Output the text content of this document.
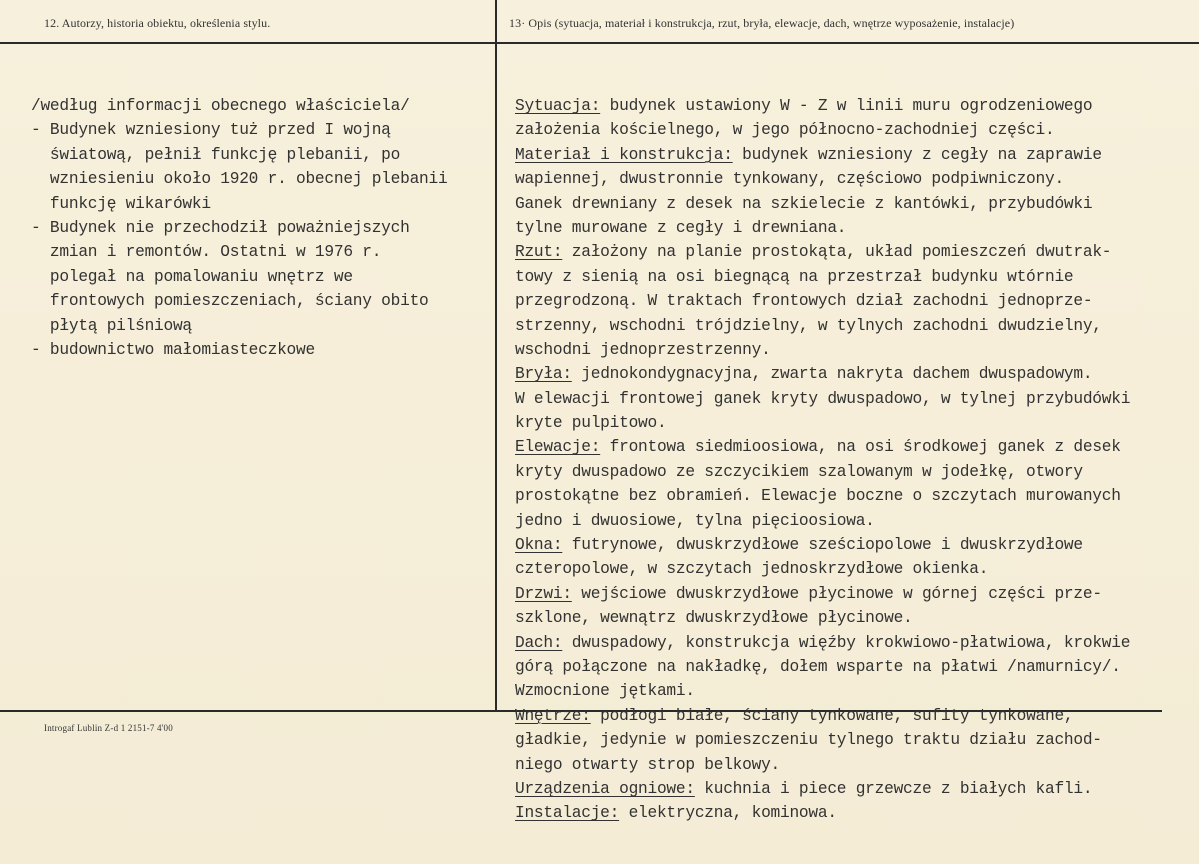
12. Autorzy, historia obiektu, określenia stylu.	13· Opis (sytuacja, materiał i konstrukcja, rzut, bryła, elewacje, dach, wnętrze wyposażenie, instalacje)
Introgaf Lublin Z-d 1 2151-7 4'00
/według informacji obecnego właściciela/
- Budynek wzniesiony tuż przed I wojną
światową, pełnił funkcję plebanii, po
wzniesieniu około 1920 r. obecnej plebanii
funkcję wikarówki
- Budynek nie przechodził poważniejszych
zmian i remontów. Ostatni w 1976 r.
polegał na pomalowaniu wnętrz we
frontowych pomieszczeniach, ściany obito
płytą pilśniową
- budownictwo małomiasteczkowe
Sytuacja: budynek ustawiony W - Z w linii muru ogrodzeniowego
założenia kościelnego, w jego północno-zachodniej części.
Materiał i konstrukcja: budynek wzniesiony z cegły na zaprawie
wapiennej, dwustronnie tynkowany, częściowo podpiwniczony.
Ganek drewniany z desek na szkielecie z kantówki, przybudówki
tylne murowane z cegły i drewniana.
Rzut: założony na planie prostokąta, układ pomieszczeń dwutrak-
towy z sienią na osi biegnącą na przestrzał budynku wtórnie
przegrodzoną. W traktach frontowych dział zachodni jednoprze-
strzenny, wschodni trójdzielny, w tylnych zachodni dwudzielny,
wschodni jednoprzestrzenny.
Bryła: jednokondygnacyjna, zwarta nakryta dachem dwuspadowym.
W elewacji frontowej ganek kryty dwuspadowo, w tylnej przybudówki
kryte pulpitowo.
Elewacje: frontowa siedmioosiowa, na osi środkowej ganek z desek
kryty dwuspadowo ze szczycikiem szalowanym w jodełkę, otwory
prostokątne bez obramień. Elewacje boczne o szczytach murowanych
jedno i dwuosiowe, tylna pięcioosiowa.
Okna: futrynowe, dwuskrzydłowe sześciopolowe i dwuskrzydłowe
czteropolowe, w szczytach jednoskrzydłowe okienka.
Drzwi: wejściowe dwuskrzydłowe płycinowe w górnej części prze-
szklone, wewnątrz dwuskrzydłowe płycinowe.
Dach: dwuspadowy, konstrukcja więźby krokwiowo-płatwiowa, krokwie
górą połączone na nakładkę, dołem wsparte na płatwi /namurnicy/.
Wzmocnione jętkami.
Wnętrze: podłogi białe, ściany tynkowane, sufity tynkowane,
gładkie, jedynie w pomieszczeniu tylnego traktu działu zachod-
niego otwarty strop belkowy.
Urządzenia ogniowe: kuchnia i piece grzewcze z białych kafli.
Instalacje: elektryczna, kominowa.
